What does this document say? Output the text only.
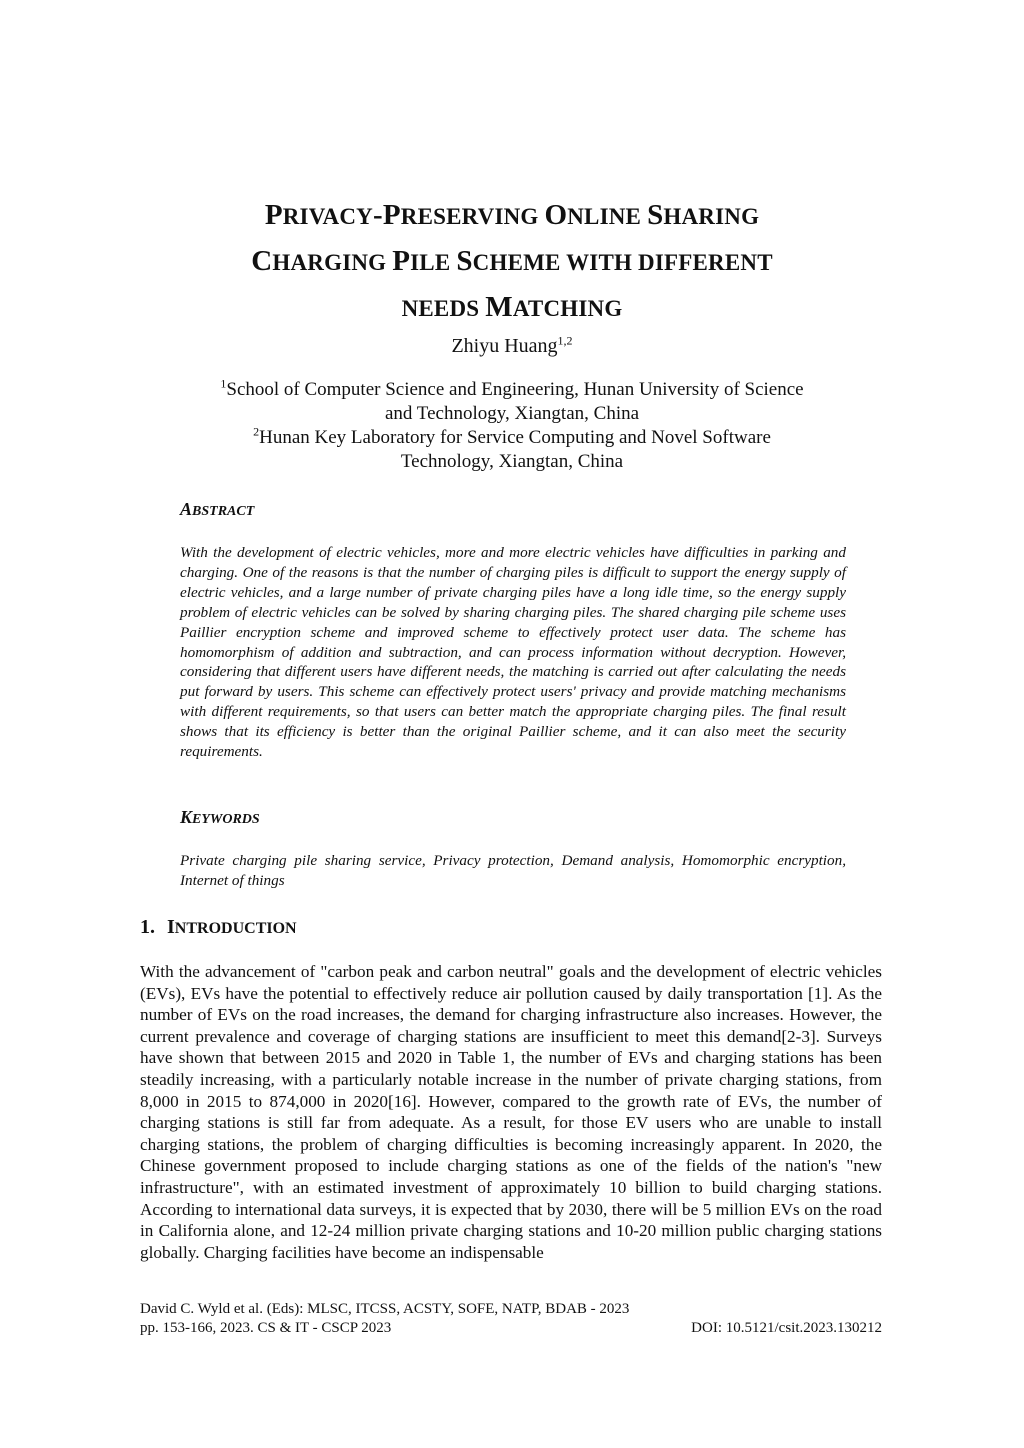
PRIVACY-PRESERVING ONLINE SHARING
CHARGING PILE SCHEME WITH DIFFERENT
NEEDS MATCHING
Zhiyu Huang$^{1,2}$
$^1$School of Computer Science and Engineering, Hunan University of Science
and Technology, Xiangtan, China
$^2$Hunan Key Laboratory for Service Computing and Novel Software
Technology, Xiangtan, China
ABSTRACT

With the development of electric vehicles, more and more electric vehicles have difficulties in parking and charging. One of the reasons is that the number of charging piles is difficult to support the energy supply of electric vehicles, and a large number of private charging piles have a long idle time, so the energy supply problem of electric vehicles can be solved by sharing charging piles. The shared charging pile scheme uses Paillier encryption scheme and improved scheme to effectively protect user data. The scheme has homomorphism of addition and subtraction, and can process information without decryption. However, considering that different users have different needs, the matching is carried out after calculating the needs put forward by users. This scheme can effectively protect users' privacy and provide matching mechanisms with different requirements, so that users can better match the appropriate charging piles. The final result shows that its efficiency is better than the original Paillier scheme, and it can also meet the security requirements.

KEYWORDS

Private charging pile sharing service, Privacy protection, Demand analysis, Homomorphic encryption, Internet of things

1. INTRODUCTION

With the advancement of "carbon peak and carbon neutral" goals and the development of electric vehicles (EVs), EVs have the potential to effectively reduce air pollution caused by daily transportation [1]. As the number of EVs on the road increases, the demand for charging infrastructure also increases. However, the current prevalence and coverage of charging stations are insufficient to meet this demand[2-3]. Surveys have shown that between 2015 and 2020 in Table 1, the number of EVs and charging stations has been steadily increasing, with a particularly notable increase in the number of private charging stations, from 8,000 in 2015 to 874,000 in 2020[16]. However, compared to the growth rate of EVs, the number of charging stations is still far from adequate. As a result, for those EV users who are unable to install charging stations, the problem of charging difficulties is becoming increasingly apparent. In 2020, the Chinese government proposed to include charging stations as one of the fields of the nation's "new infrastructure", with an estimated investment of approximately 10 billion to build charging stations. According to international data surveys, it is expected that by 2030, there will be 5 million EVs on the road in California alone, and 12-24 million private charging stations and 10-20 million public charging stations globally. Charging facilities have become an indispensable

David C. Wyld et al. (Eds): MLSC, ITCSS, ACSTY, SOFE, NATP, BDAB - 2023
pp. 153-166, 2023. CS & IT - CSCP 2023	DOI: 10.5121/csit.2023.130212
